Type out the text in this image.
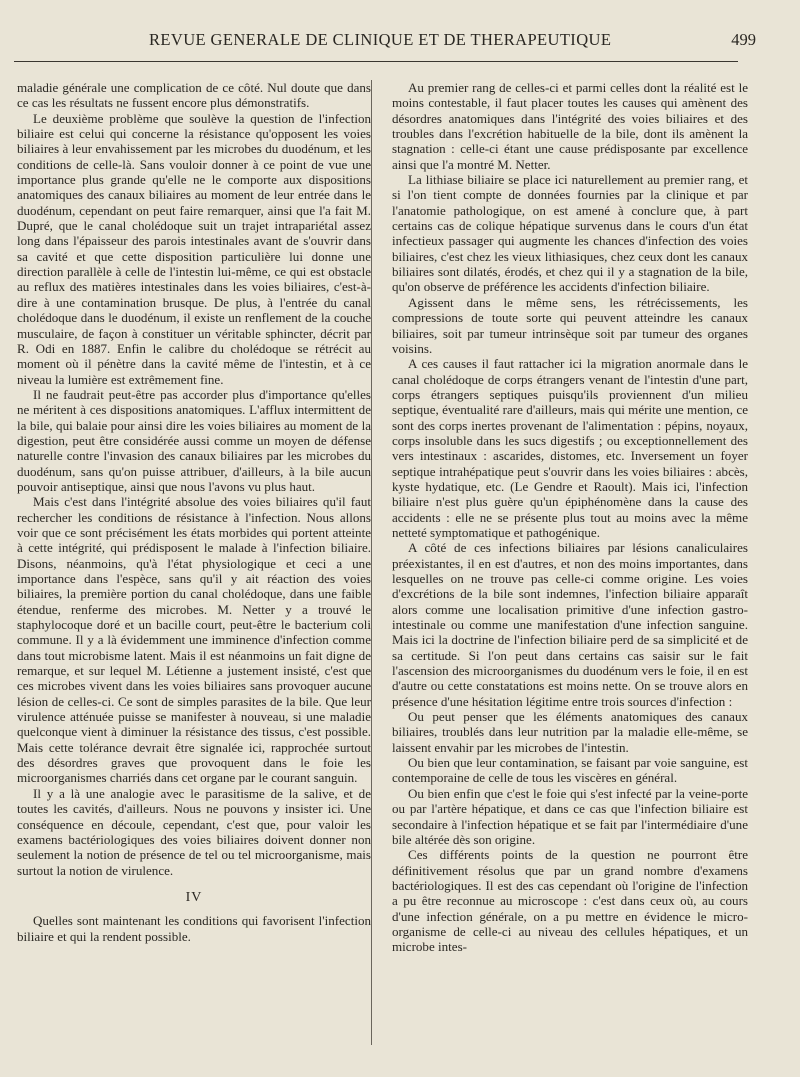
REVUE GENERALE DE CLINIQUE ET DE THERAPEUTIQUE	499

maladie générale une complication de ce côté. Nul doute que dans ce cas les résultats ne fussent encore plus démonstratifs.

Le deuxième problème que soulève la question de l'infection biliaire est celui qui concerne la résistance qu'opposent les voies biliaires à leur envahissement par les microbes du duodénum, et les conditions de celle-là. Sans vouloir donner à ce point de vue une importance plus grande qu'elle ne le comporte aux dispositions anatomiques des canaux biliaires au moment de leur entrée dans le duodénum, cependant on peut faire remarquer, ainsi que l'a fait M. Dupré, que le canal cholédoque suit un trajet intrapariétal assez long dans l'épaisseur des parois intestinales avant de s'ouvrir dans sa cavité et que cette disposition particulière lui donne une direction parallèle à celle de l'intestin lui-même, ce qui est obstacle au reflux des matières intestinales dans les voies biliaires, c'est-à-dire à une contamination brusque. De plus, à l'entrée du canal cholédoque dans le duodénum, il existe un renflement de la couche musculaire, de façon à constituer un véritable sphincter, décrit par R. Odi en 1887. Enfin le calibre du cholédoque se rétrécit au moment où il pénètre dans la cavité même de l'intestin, et à ce niveau la lumière est extrêmement fine.

Il ne faudrait peut-être pas accorder plus d'importance qu'elles ne méritent à ces dispositions anatomiques. L'afflux intermittent de la bile, qui balaie pour ainsi dire les voies biliaires au moment de la digestion, peut être considérée aussi comme un moyen de défense naturelle contre l'invasion des canaux biliaires par les microbes du duodénum, sans qu'on puisse attribuer, d'ailleurs, à la bile aucun pouvoir antiseptique, ainsi que nous l'avons vu plus haut.

Mais c'est dans l'intégrité absolue des voies biliaires qu'il faut rechercher les conditions de résistance à l'infection. Nous allons voir que ce sont précisément les états morbides qui portent atteinte à cette intégrité, qui prédisposent le malade à l'infection biliaire. Disons, néanmoins, qu'à l'état physiologique et ceci a une importance dans l'espèce, sans qu'il y ait réaction des voies biliaires, la première portion du canal cholédoque, dans une faible étendue, renferme des microbes. M. Netter y a trouvé le staphylocoque doré et un bacille court, peut-être le bacterium coli commune. Il y a là évidemment une imminence d'infection comme dans tout microbisme latent. Mais il est néanmoins un fait digne de remarque, et sur lequel M. Létienne a justement insisté, c'est que ces microbes vivent dans les voies biliaires sans provoquer aucune lésion de celles-ci. Ce sont de simples parasites de la bile. Que leur virulence atténuée puisse se manifester à nouveau, si une maladie quelconque vient à diminuer la résistance des tissus, c'est possible. Mais cette tolérance devrait être signalée ici, rapprochée surtout des désordres graves que provoquent dans le foie les microorganismes charriés dans cet organe par le courant sanguin.

Il y a là une analogie avec le parasitisme de la salive, et de toutes les cavités, d'ailleurs. Nous ne pouvons y insister ici. Une conséquence en découle, cependant, c'est que, pour valoir les examens bactériologiques des voies biliaires doivent donner non seulement la notion de présence de tel ou tel microorganisme, mais surtout la notion de virulence.

IV

Quelles sont maintenant les conditions qui favorisent l'infection biliaire et qui la rendent possible.

Au premier rang de celles-ci et parmi celles dont la réalité est le moins contestable, il faut placer toutes les causes qui amènent des désordres anatomiques dans l'intégrité des voies biliaires et des troubles dans l'excrétion habituelle de la bile, dont ils amènent la stagnation : celle-ci étant une cause prédisposante par excellence ainsi que l'a montré M. Netter.

La lithiase biliaire se place ici naturellement au premier rang, et si l'on tient compte de données fournies par la clinique et par l'anatomie pathologique, on est amené à conclure que, à part certains cas de colique hépatique survenus dans le cours d'un état infectieux passager qui augmente les chances d'infection des voies biliaires, c'est chez les vieux lithiasiques, chez ceux dont les canaux biliaires sont dilatés, érodés, et chez qui il y a stagnation de la bile, qu'on observe de préférence les accidents d'infection biliaire.

Agissent dans le même sens, les rétrécissements, les compressions de toute sorte qui peuvent atteindre les canaux biliaires, soit par tumeur intrinsèque soit par tumeur des organes voisins.

A ces causes il faut rattacher ici la migration anormale dans le canal cholédoque de corps étrangers venant de l'intestin d'une part, corps étrangers septiques puisqu'ils proviennent d'un milieu septique, éventualité rare d'ailleurs, mais qui mérite une mention, ce sont des corps inertes provenant de l'alimentation : pépins, noyaux, corps insoluble dans les sucs digestifs ; ou exceptionnellement des vers intestinaux : ascarides, distomes, etc. Inversement un foyer septique intrahépatique peut s'ouvrir dans les voies biliaires : abcès, kyste hydatique, etc. (Le Gendre et Raoult). Mais ici, l'infection biliaire n'est plus guère qu'un épiphénomène dans la cause des accidents : elle ne se présente plus tout au moins avec la même netteté symptomatique et pathogénique.

A côté de ces infections biliaires par lésions canaliculaires préexistantes, il en est d'autres, et non des moins importantes, dans lesquelles on ne trouve pas celle-ci comme origine. Les voies d'excrétions de la bile sont indemnes, l'infection biliaire apparaît alors comme une localisation primitive d'une infection gastro-intestinale ou comme une manifestation d'une infection sanguine. Mais ici la doctrine de l'infection biliaire perd de sa simplicité et de sa certitude. Si l'on peut dans certains cas saisir sur le fait l'ascension des microorganismes du duodénum vers le foie, il en est d'autre ou cette constatations est moins nette. On se trouve alors en présence d'une hésitation légitime entre trois sources d'infection :

Ou peut penser que les éléments anatomiques des canaux biliaires, troublés dans leur nutrition par la maladie elle-même, se laissent envahir par les microbes de l'intestin.

Ou bien que leur contamination, se faisant par voie sanguine, est contemporaine de celle de tous les viscères en général.

Ou bien enfin que c'est le foie qui s'est infecté par la veine-porte ou par l'artère hépatique, et dans ce cas que l'infection biliaire est secondaire à l'infection hépatique et se fait par l'intermédiaire d'une bile altérée dès son origine.

Ces différents points de la question ne pourront être définitivement résolus que par un grand nombre d'examens bactériologiques. Il est des cas cependant où l'origine de l'infection a pu être reconnue au microscope : c'est dans ceux où, au cours d'une infection générale, on a pu mettre en évidence le micro-organisme de celle-ci au niveau des cellules hépatiques, et un microbe intes-
